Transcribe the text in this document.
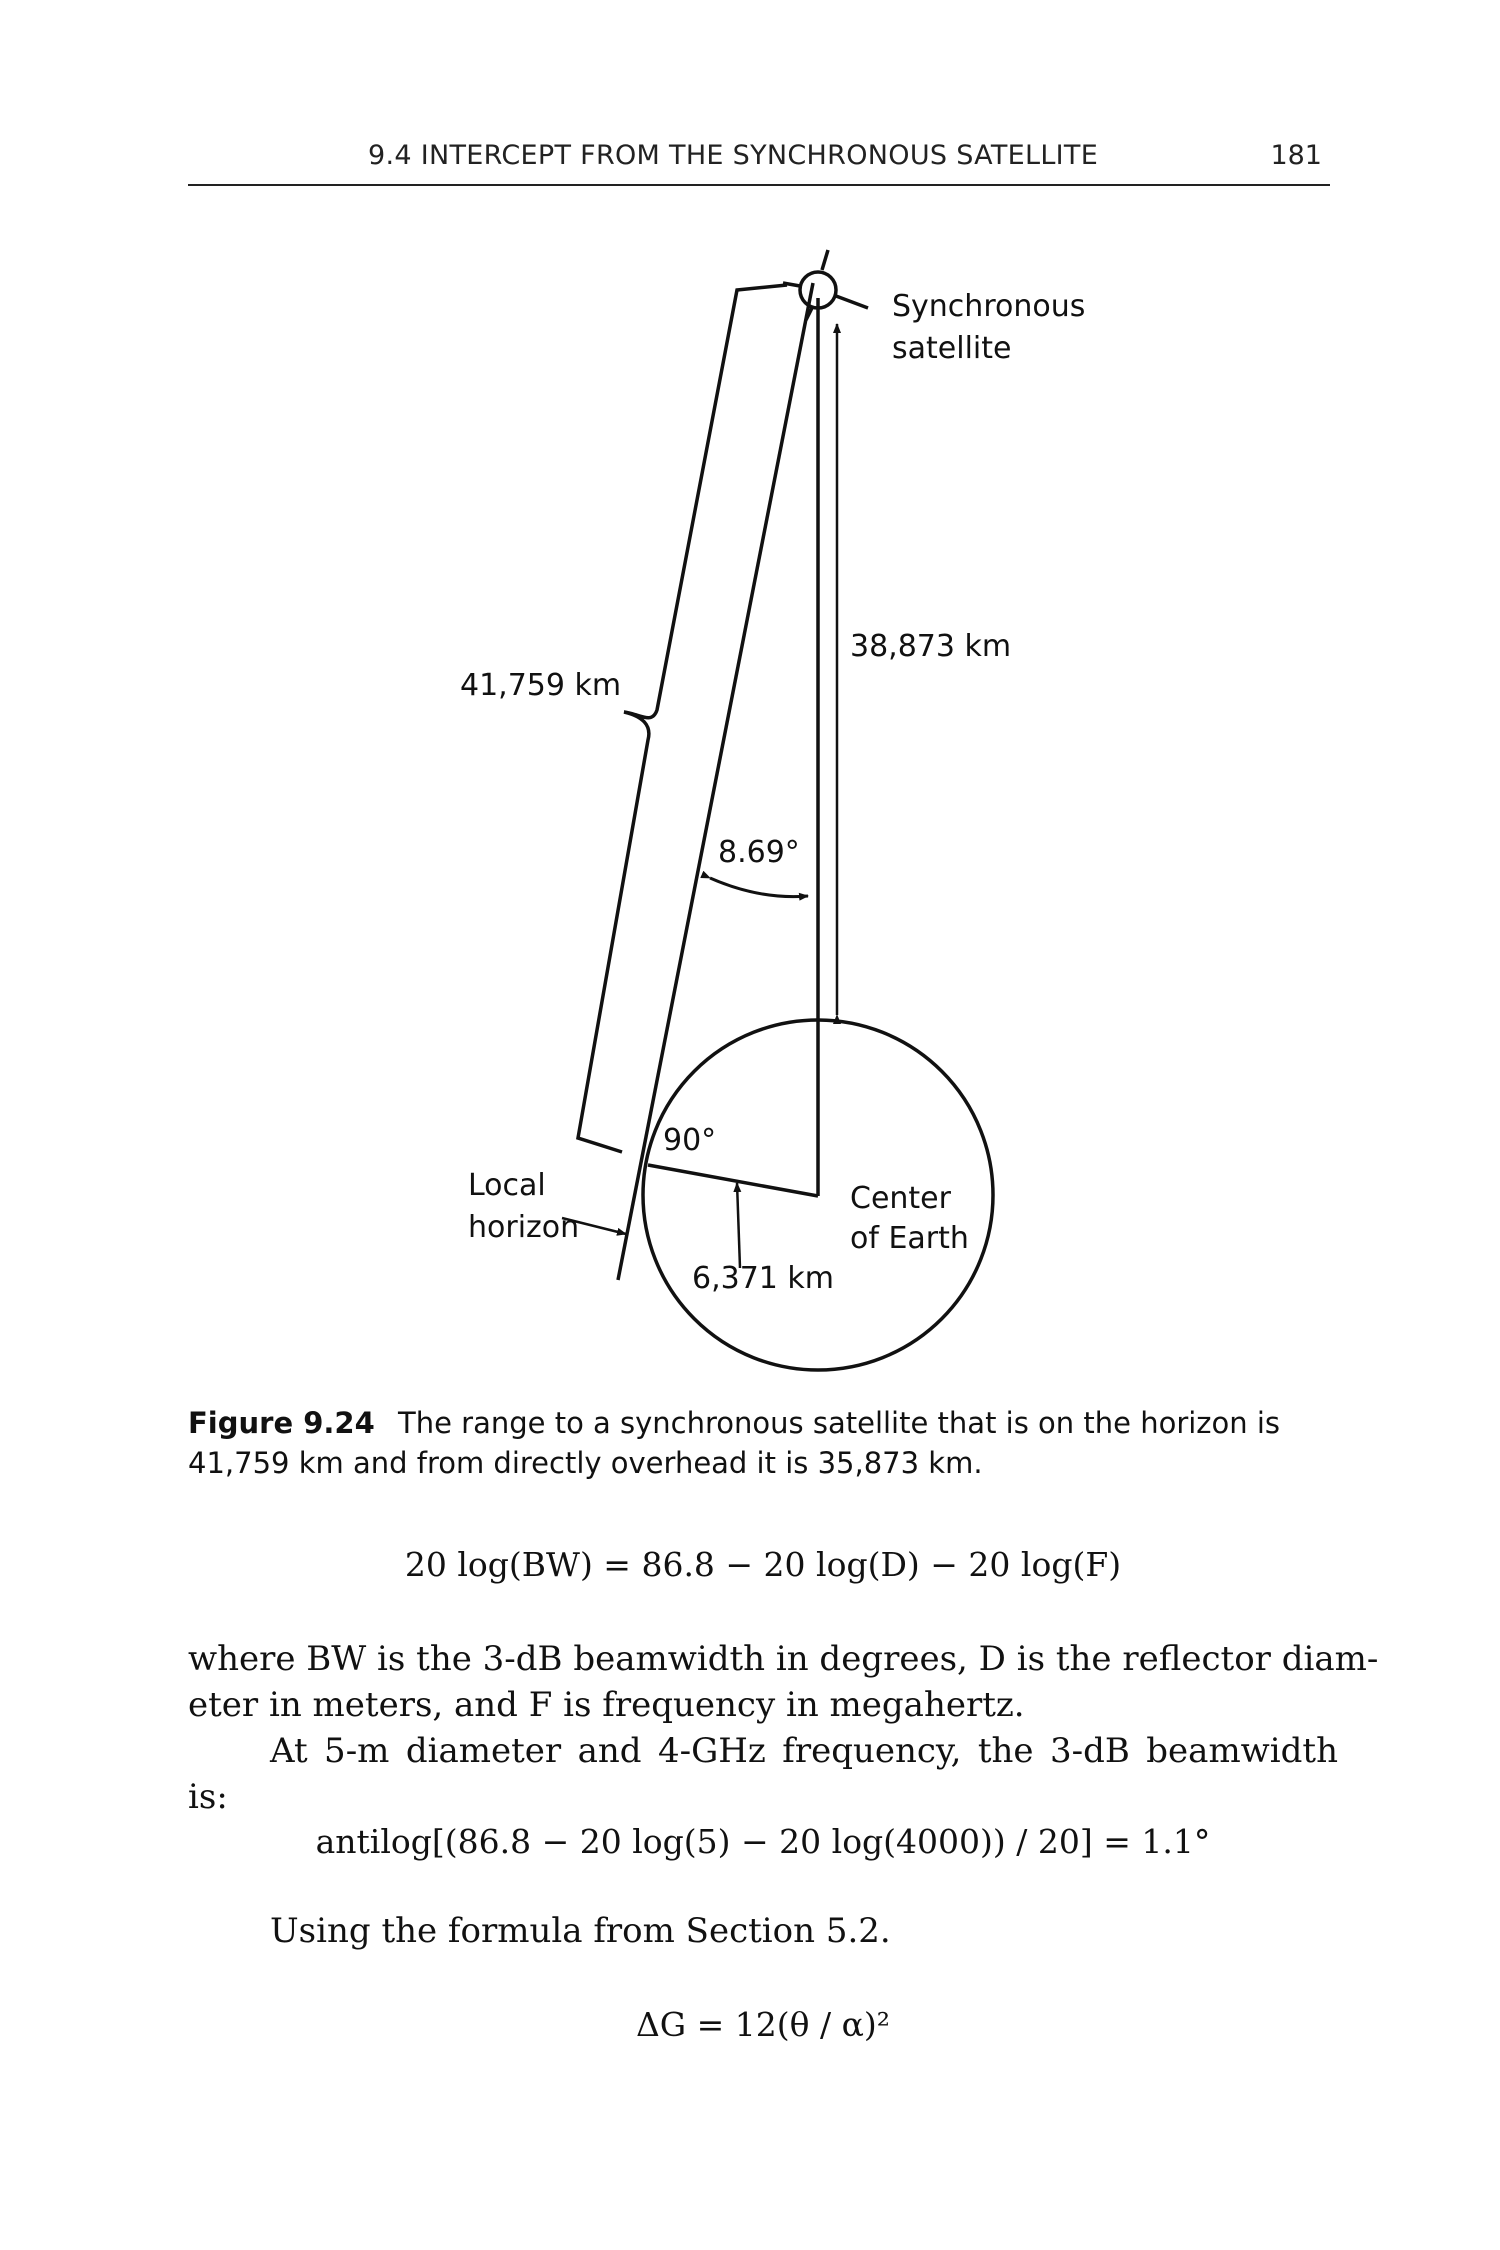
9.4 INTERCEPT FROM THE SYNCHRONOUS SATELLITE	181
Synchronous
satellite
38,873 km
41,759 km
8.69°
90°
Local
horizon
Center
of Earth
6,371 km
Figure 9.24 The range to a synchronous satellite that is on the horizon is 41,759 km and from directly overhead it is 35,873 km.
20 log(BW) = 86.8 − 20 log(D) − 20 log(F)
where BW is the 3-dB beamwidth in degrees, D is the reflector diam-
eter in meters, and F is frequency in megahertz.
At 5-m diameter and 4-GHz frequency, the 3-dB beamwidth is:
antilog[(86.8 − 20 log(5) − 20 log(4000)) / 20] = 1.1°
Using the formula from Section 5.2.
ΔG = 12(θ / α)²
